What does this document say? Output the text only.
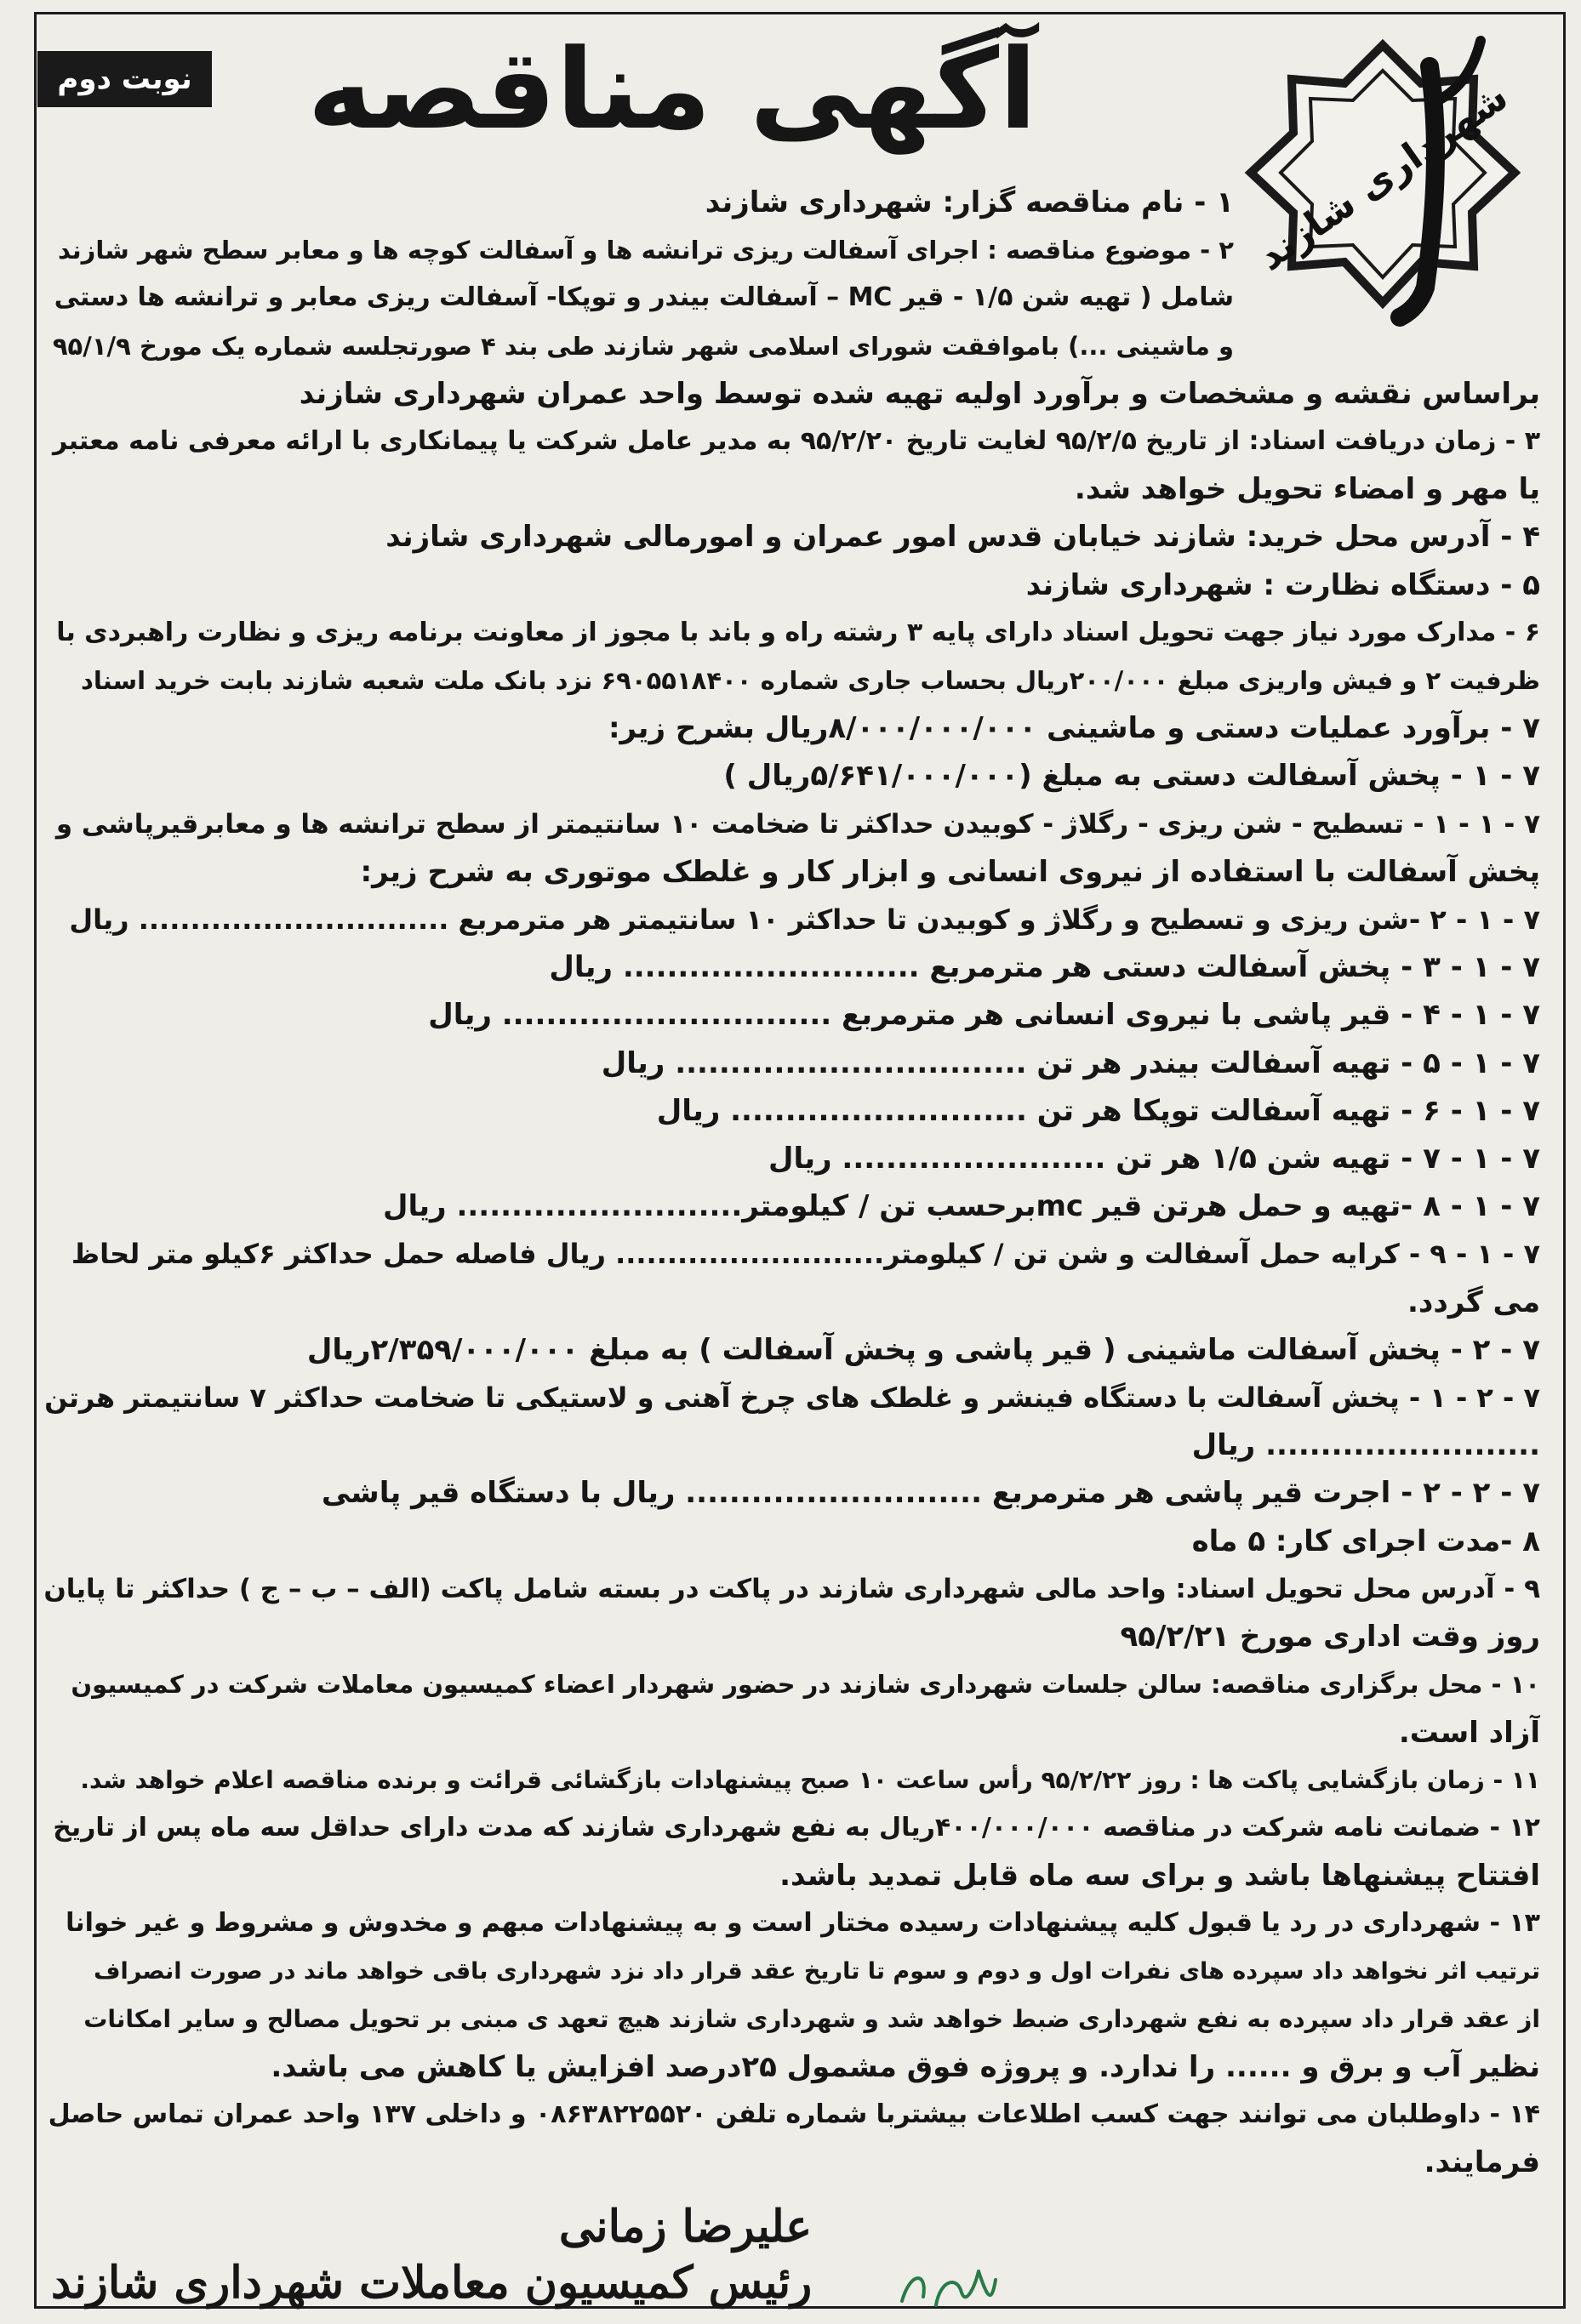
نوبت دوم	آگهی مناقصه	شهرداری شازند
۱ - نام مناقصه گزار: شهرداری شازند
۲ - موضوع مناقصه : اجرای آسفالت ریزی ترانشه ها و آسفالت کوچه ها و معابر سطح شهر شازند
شامل ( تهیه شن ۱/۵ - قیر MC – آسفالت بیندر و توپکا- آسفالت ریزی معابر و ترانشه ها دستی
و ماشینی ...) باموافقت شورای اسلامی شهر شازند طی بند ۴ صورتجلسه شماره یک مورخ ۹۵/۱/۹
براساس نقشه و مشخصات و برآورد اولیه تهیه شده توسط واحد عمران شهرداری شازند
۳ - زمان دریافت اسناد: از تاریخ ۹۵/۲/۵ لغایت تاریخ ۹۵/۲/۲۰ به مدیر عامل شرکت یا پیمانکاری با ارائه معرفی نامه معتبر
یا مهر و امضاء تحویل خواهد شد.
۴ - آدرس محل خرید: شازند خیابان قدس امور عمران و امورمالی شهرداری شازند
۵ - دستگاه نظارت : شهرداری شازند
۶ - مدارک مورد نیاز جهت تحویل اسناد دارای پایه ۳ رشته راه و باند با مجوز از معاونت برنامه ریزی و نظارت راهبردی با
ظرفیت ۲ و فیش واریزی مبلغ ۲۰۰/۰۰۰ریال بحساب جاری شماره ۶۹۰۵۵۱۸۴۰۰ نزد بانک ملت شعبه شازند بابت خرید اسناد
۷ - برآورد عملیات دستی و ماشینی ۸/۰۰۰/۰۰۰/۰۰۰ریال بشرح زیر:
۷ - ۱ - پخش آسفالت دستی به مبلغ (۵/۶۴۱/۰۰۰/۰۰۰ریال )
۷ - ۱ - ۱ - تسطیح - شن ریزی - رگلاژ - کوبیدن حداکثر تا ضخامت ۱۰ سانتیمتر از سطح ترانشه ها و معابرقیرپاشی و
پخش آسفالت با استفاده از نیروی انسانی و ابزار کار و غلطک موتوری به شرح زیر:
۷ - ۱ - ۲ -شن ریزی و تسطیح و رگلاژ و کوبیدن تا حداکثر ۱۰ سانتیمتر هر مترمربع .............................. ریال
۷ - ۱ - ۳ - پخش آسفالت دستی هر مترمربع ........................... ریال
۷ - ۱ - ۴ - قیر پاشی با نیروی انسانی هر مترمربع .............................. ریال
۷ - ۱ - ۵ - تهیه آسفالت بیندر هر تن ................................ ریال
۷ - ۱ - ۶ - تهیه آسفالت توپکا هر تن ........................... ریال
۷ - ۱ - ۷ - تهیه شن ۱/۵ هر تن ........................ ریال
۷ - ۱ - ۸ -تهیه و حمل هرتن قیر mcبرحسب تن / کیلومتر.......................... ریال
۷ - ۱ - ۹ - کرایه حمل آسفالت و شن تن / کیلومتر.......................... ریال فاصله حمل حداکثر ۶کیلو متر لحاظ
می گردد.
۷ - ۲ - پخش آسفالت ماشینی ( قیر پاشی و پخش آسفالت ) به مبلغ ۲/۳۵۹/۰۰۰/۰۰۰ریال
۷ - ۲ - ۱ - پخش آسفالت با دستگاه فینشر و غلطک های چرخ آهنی و لاستیکی تا ضخامت حداکثر ۷ سانتیمتر هرتن
......................... ریال
۷ - ۲ - ۲ - اجرت قیر پاشی هر مترمربع ........................... ریال با دستگاه قیر پاشی
۸ -مدت اجرای کار: ۵ ماه
۹ - آدرس محل تحویل اسناد: واحد مالی شهرداری شازند در پاکت در بسته شامل پاکت (الف – ب – ج ) حداکثر تا پایان
روز وقت اداری مورخ ۹۵/۲/۲۱
۱۰ - محل برگزاری مناقصه: سالن جلسات شهرداری شازند در حضور شهردار اعضاء کمیسیون معاملات شرکت در کمیسیون
آزاد است.
۱۱ - زمان بازگشایی پاکت ها : روز ۹۵/۲/۲۲ رأس ساعت ۱۰ صبح پیشنهادات بازگشائی قرائت و برنده مناقصه اعلام خواهد شد.
۱۲ - ضمانت نامه شرکت در مناقصه ۴۰۰/۰۰۰/۰۰۰ریال به نفع شهرداری شازند که مدت دارای حداقل سه ماه پس از تاریخ
افتتاح پیشنهاها باشد و برای سه ماه قابل تمدید باشد.
۱۳ - شهرداری در رد یا قبول کلیه پیشنهادات رسیده مختار است و به پیشنهادات مبهم و مخدوش و مشروط و غیر خوانا
ترتیب اثر نخواهد داد سپرده های نفرات اول و دوم و سوم تا تاریخ عقد قرار داد نزد شهرداری باقی خواهد ماند در صورت انصراف
از عقد قرار داد سپرده به نفع شهرداری ضبط خواهد شد و شهرداری شازند هیچ تعهد ی مبنی بر تحویل مصالح و سایر امکانات
نظیر آب و برق و ...... را ندارد. و پروژه فوق مشمول ۲۵درصد افزایش یا کاهش می باشد.
۱۴ - داوطلبان می توانند جهت کسب اطلاعات بیشتربا شماره تلفن ۰۸۶۳۸۲۲۵۵۲۰ و داخلی ۱۳۷ واحد عمران تماس حاصل
فرمایند.
علیرضا زمانی
رئیس کمیسیون معاملات شهرداری شازند	۴۲۹
